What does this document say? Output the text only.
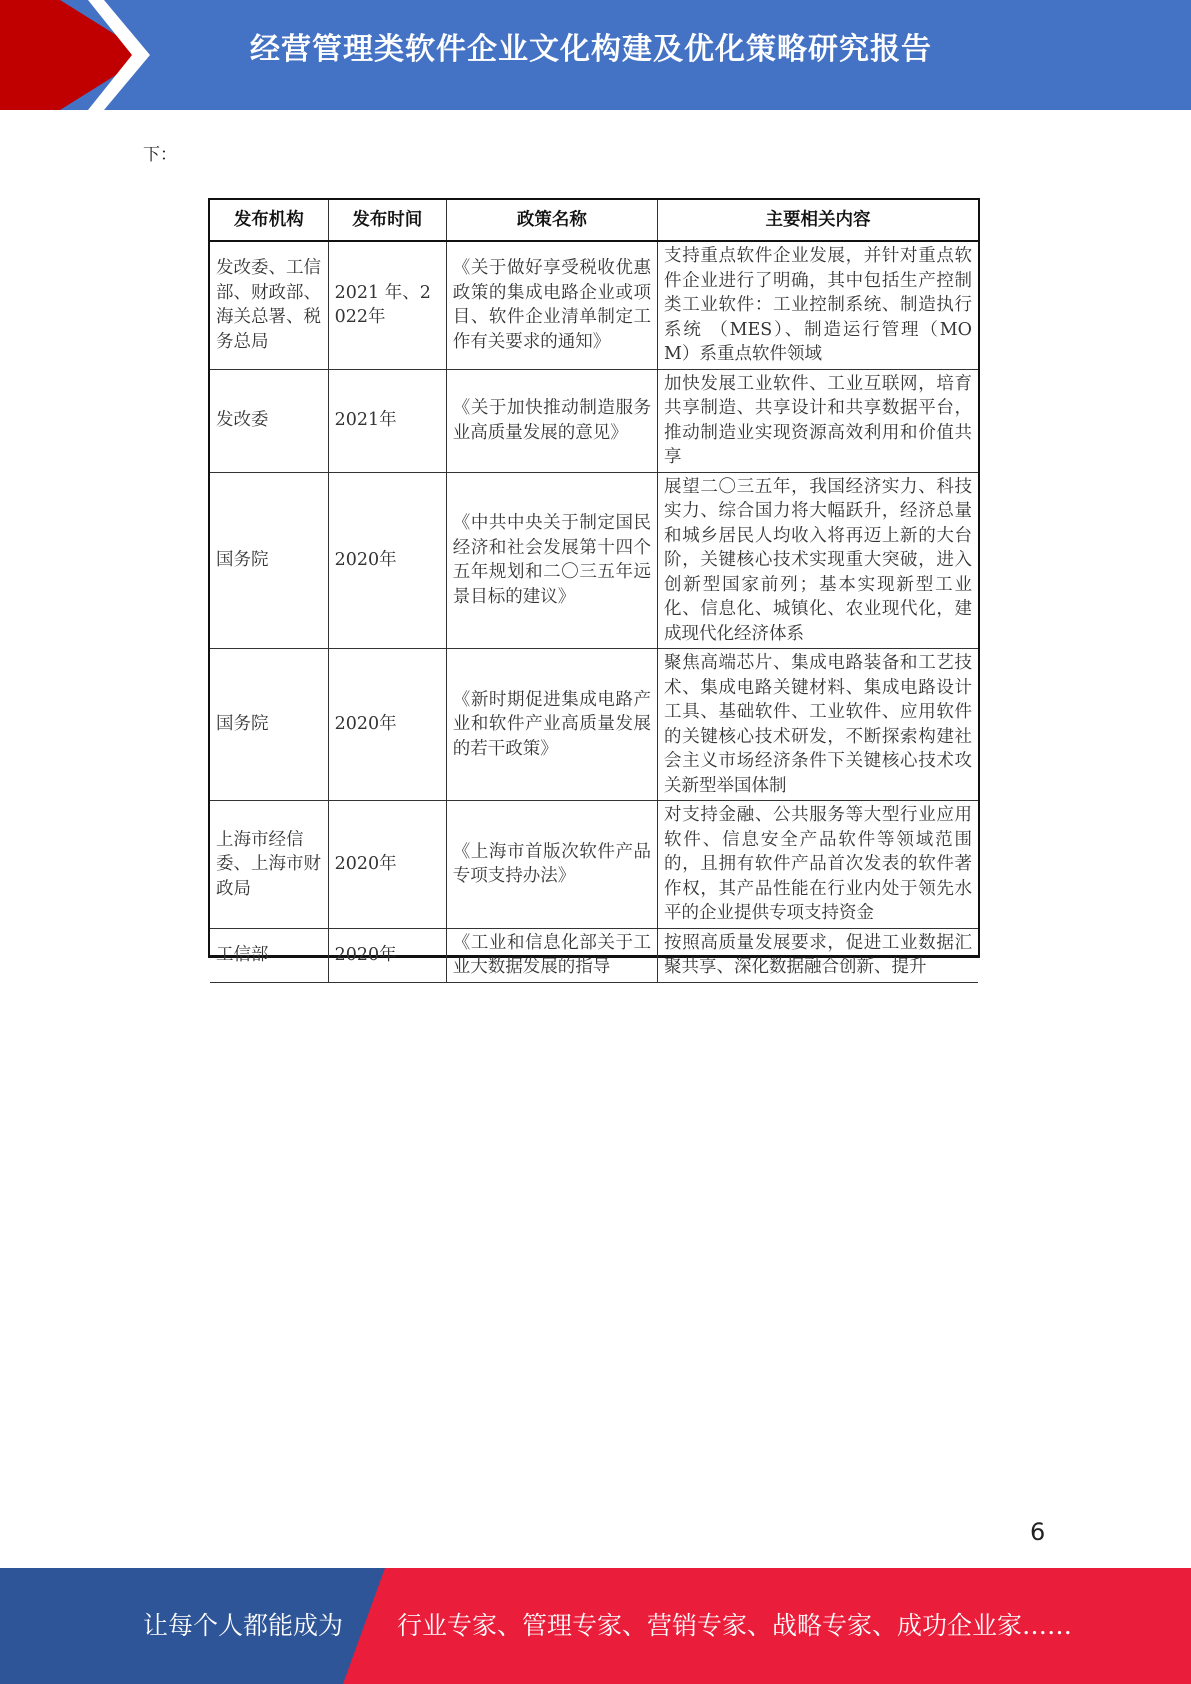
经营管理类软件企业文化构建及优化策略研究报告
下：
发布机构	发布时间	政策名称	主要相关内容
发改委、工信部、财政部、海关总署、税务总局	2021 年、2022年	《关于做好享受税收优惠政策的集成电路企业或项目、软件企业清单制定工作有关要求的通知》	支持重点软件企业发展，并针对重点软件企业进行了明确，其中包括生产控制类工业软件：工业控制系统、制造执行系统 （MES）、制造运行管理（MOM）系重点软件领域
发改委	2021年	《关于加快推动制造服务业高质量发展的意见》	加快发展工业软件、工业互联网，培育共享制造、共享设计和共享数据平台，推动制造业实现资源高效利用和价值共享
国务院	2020年	《中共中央关于制定国民经济和社会发展第十四个五年规划和二〇三五年远景目标的建议》	展望二〇三五年，我国经济实力、科技实力、综合国力将大幅跃升，经济总量和城乡居民人均收入将再迈上新的大台阶，关键核心技术实现重大突破，进入创新型国家前列；基本实现新型工业化、信息化、城镇化、农业现代化，建成现代化经济体系
国务院	2020年	《新时期促进集成电路产业和软件产业高质量发展的若干政策》	聚焦高端芯片、集成电路装备和工艺技术、集成电路关键材料、集成电路设计工具、基础软件、工业软件、应用软件的关键核心技术研发，不断探索构建社会主义市场经济条件下关键核心技术攻关新型举国体制
上海市经信委、上海市财政局	2020年	《上海市首版次软件产品专项支持办法》	对支持金融、公共服务等大型行业应用软件、信息安全产品软件等领域范围的，且拥有软件产品首次发表的软件著作权，其产品性能在行业内处于领先水平的企业提供专项支持资金
工信部	2020年	《工业和信息化部关于工业大数据发展的指导	按照高质量发展要求，促进工业数据汇聚共享、深化数据融合创新、提升
6
让每个人都能成为 行业专家、管理专家、营销专家、战略专家、成功企业家……
